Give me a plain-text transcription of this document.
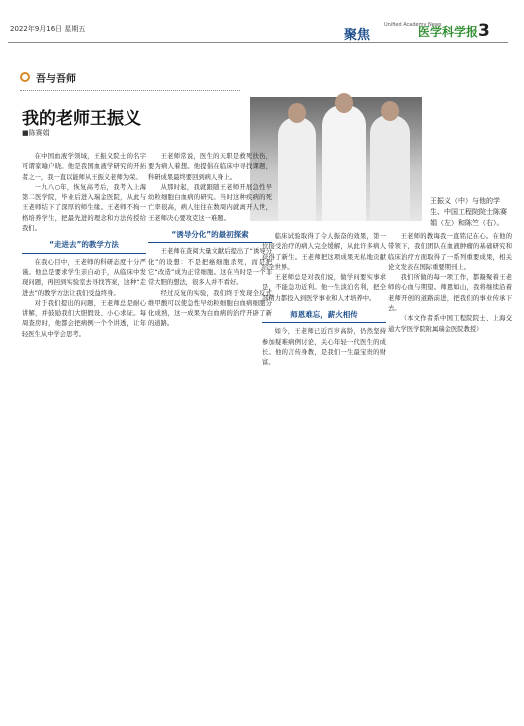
2022年9月16日 星期五	聚焦
Unified Academy News
医学科学报 3
吾与吾师
我的老师王振义
■陈赛娟
王振义（中）与他的学生、中国工程院院士陈赛娟（左）和陈竺（右）。

在中国血液学领域，王振义院士的名字可谓家喻户晓。他是我国血液学研究的开拓者之一，我一直以能师从王振义老师为荣。

一九八○年，恢复高考后，我考入上海第二医学院，毕业后进入瑞金医院，从此与王老师结下了深厚的师生缘。王老师不拘一格培养学生，把最先进的理念和方法传授给我们。

“走进去”的教学方法

在我心目中，王老师的科研态度十分严谨。他总是要求学生亲自动手，从临床中发现问题，再回到实验室去寻找答案，这种“走进去”的教学方法让我们受益终身。

对于我们提出的问题，王老师总是耐心讲解，并鼓励我们大胆假设、小心求证。每周查房时，他都会把病例一个个讲透，让年轻医生从中学会思考。

王老师常说，医生的天职是救死扶伤，要为病人着想。他提倡在临床中寻找课题，科研成果最终要回到病人身上。

从那时起，我就跟随王老师开展急性早幼粒细胞白血病的研究。当时这种疾病的死亡率很高，病人往往在数周内就离开人世，王老师决心要攻克这一难题。

“诱导分化”的最初探索

王老师在查阅大量文献后提出了“诱导分化”的设想：不是把癌细胞杀死，而是把它“改造”成为正常细胞。这在当时是一个非常大胆的想法，很多人并不看好。

经过反复的实验，我们终于发现全反式维甲酸可以使急性早幼粒细胞白血病细胞分化成熟，这一成果为白血病的治疗开辟了新的道路。

临床试验取得了令人振奋的效果，第一位接受治疗的病人完全缓解，从此许多病人获得了新生。王老师把这项成果无私地贡献给全世界。

王老师总是对我们说，做学问要实事求是，不能急功近利。他一生淡泊名利，把全部精力都投入到医学事业和人才培养中。

师恩难忘，薪火相传

如今，王老师已近百岁高龄，仍然坚持参加疑难病例讨论，关心年轻一代医生的成长。他的言传身教，是我们一生最宝贵的财富。

王老师的教诲我一直铭记在心。在他的带领下，我们团队在血液肿瘤的基础研究和临床治疗方面取得了一系列重要成果，相关论文发表在国际重要期刊上。

我们所做的每一项工作，都凝聚着王老师的心血与期望。师恩如山，我将继续沿着老师开创的道路前进，把我们的事业传承下去。

（本文作者系中国工程院院士、上海交通大学医学院附属瑞金医院教授）
